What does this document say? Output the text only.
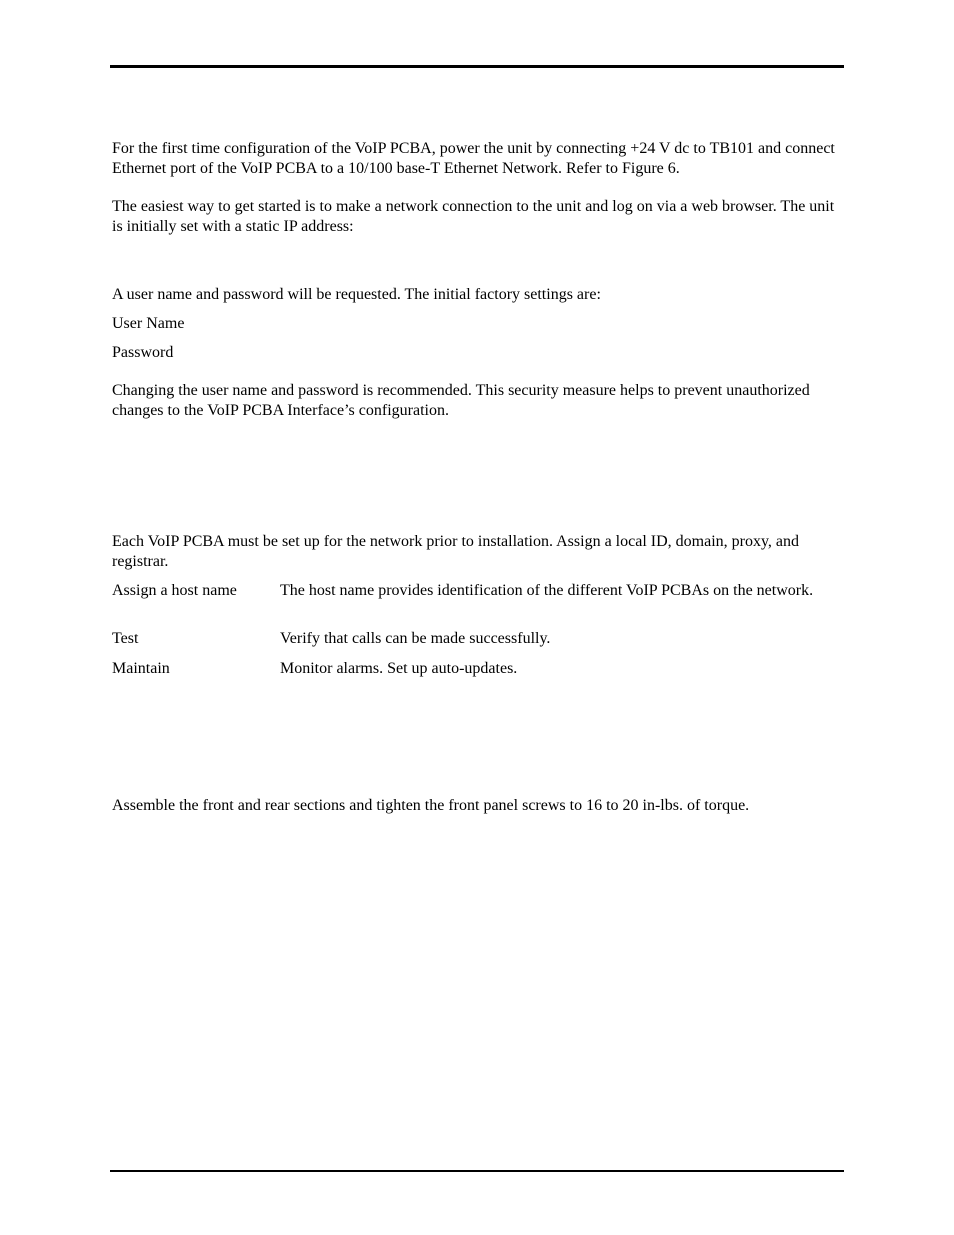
For the first time configuration of the VoIP PCBA, power the unit by connecting +24 V dc to TB101 and connect Ethernet port of the VoIP PCBA to a 10/100 base-T Ethernet Network. Refer to Figure 6.

The easiest way to get started is to make a network connection to the unit and log on via a web browser. The unit is initially set with a static IP address:

A user name and password will be requested. The initial factory settings are:

User Name

Password

Changing the user name and password is recommended. This security measure helps to prevent unauthorized changes to the VoIP PCBA Interface’s configuration.

Each VoIP PCBA must be set up for the network prior to installation. Assign a local ID, domain, proxy, and registrar.

Assign a host name	The host name provides identification of the different VoIP PCBAs on the network.

Test	Verify that calls can be made successfully.

Maintain	Monitor alarms. Set up auto-updates.

Assemble the front and rear sections and tighten the front panel screws to 16 to 20 in-lbs. of torque.
